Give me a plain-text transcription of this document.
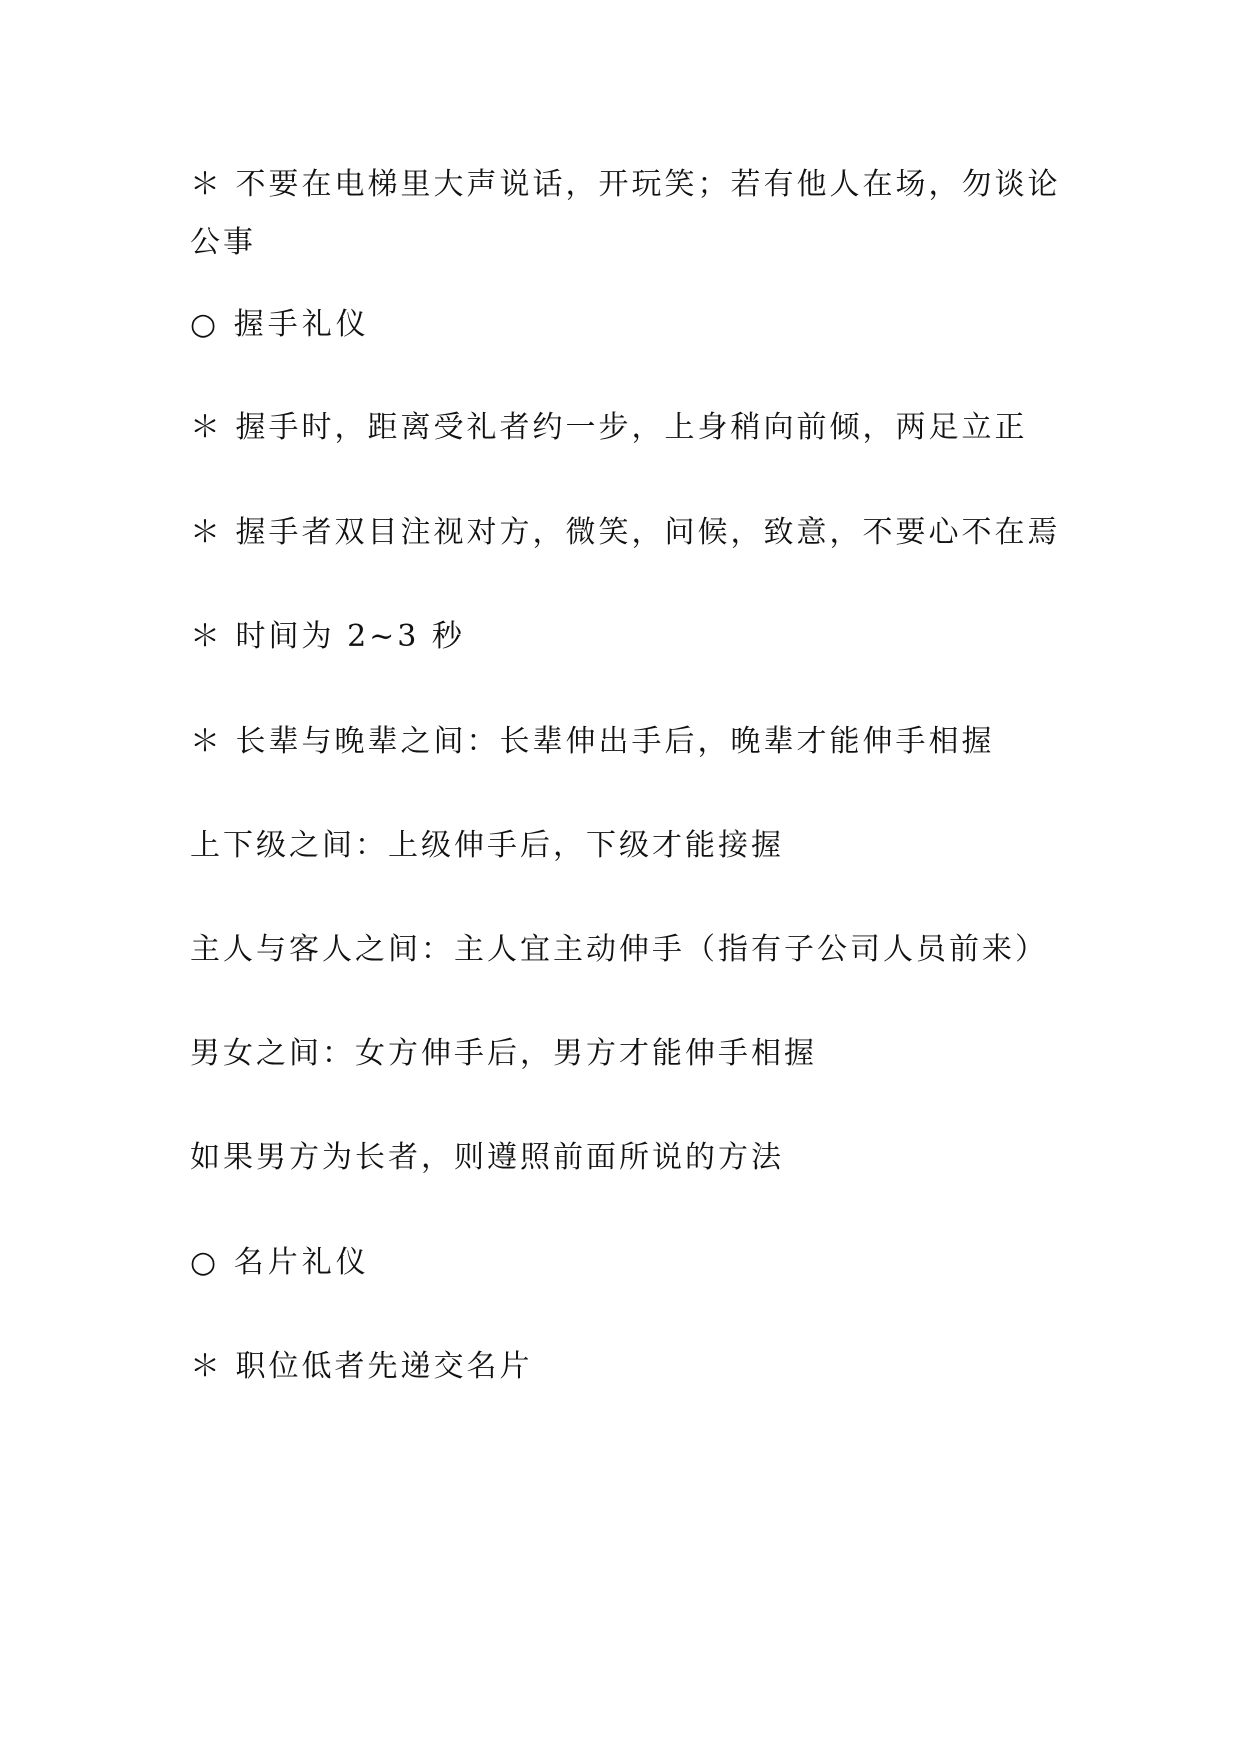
＊ 不要在电梯里大声说话，开玩笑；若有他人在场，勿谈论公事
○ 握手礼仪
＊ 握手时，距离受礼者约一步，上身稍向前倾，两足立正
＊ 握手者双目注视对方，微笑，问候，致意，不要心不在焉
＊ 时间为 2~3 秒
＊ 长辈与晚辈之间：长辈伸出手后，晚辈才能伸手相握
上下级之间：上级伸手后，下级才能接握
主人与客人之间：主人宜主动伸手（指有子公司人员前来）
男女之间：女方伸手后，男方才能伸手相握
如果男方为长者，则遵照前面所说的方法
○ 名片礼仪
＊ 职位低者先递交名片
